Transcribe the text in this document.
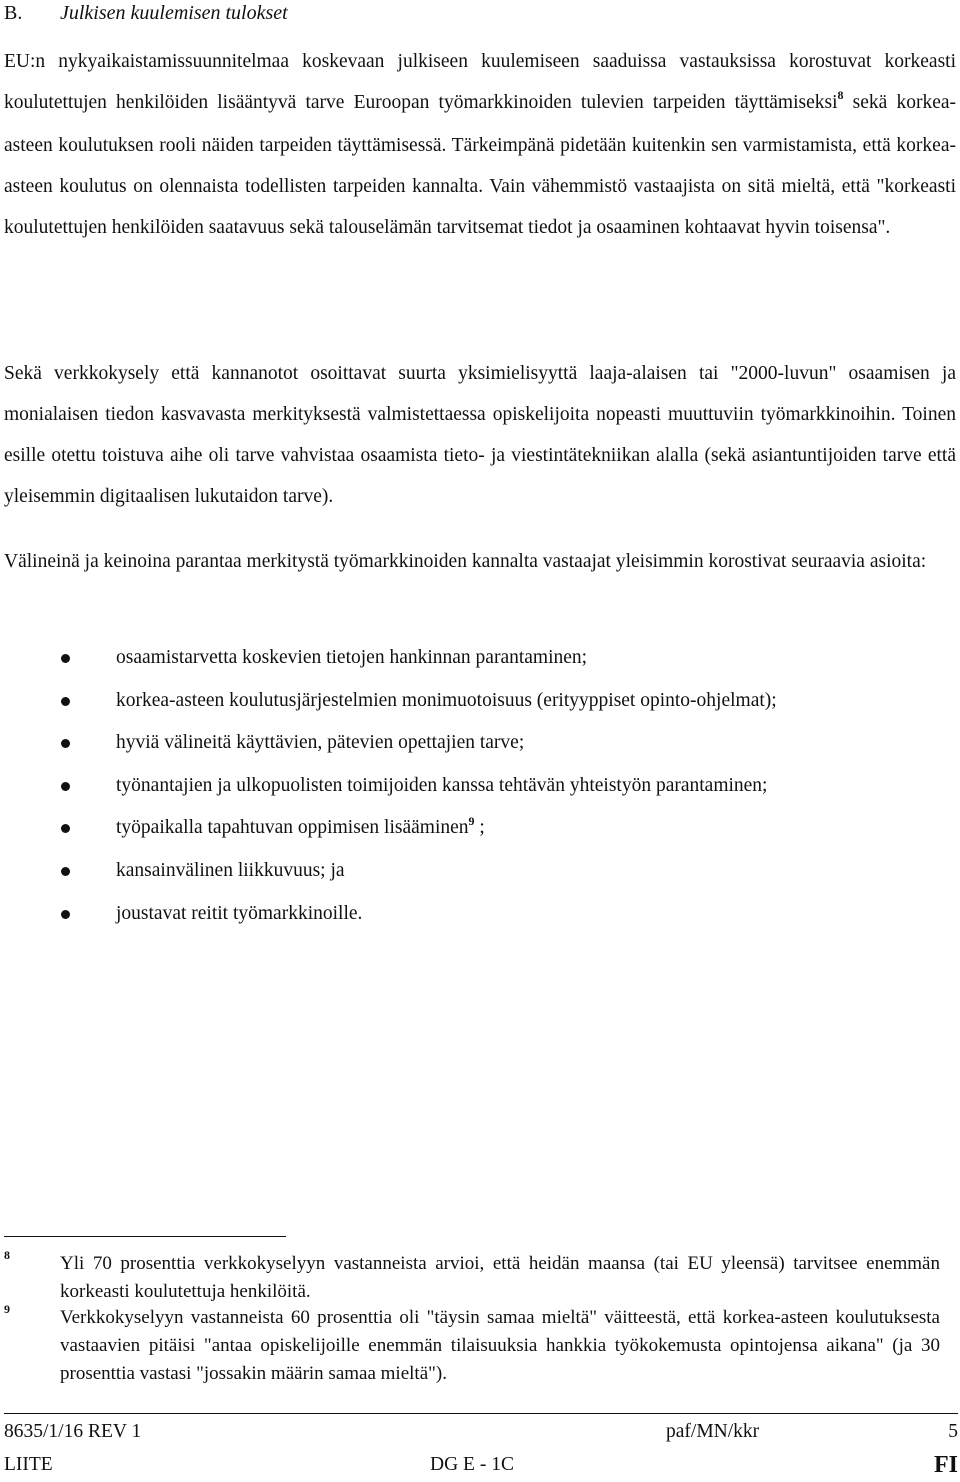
B. Julkisen kuulemisen tulokset

EU:n nykyaikaistamissuunnitelmaa koskevaan julkiseen kuulemiseen saaduissa vastauksissa korostuvat korkeasti koulutettujen henkilöiden lisääntyvä tarve Euroopan työmarkkinoiden tulevien tarpeiden täyttämiseksi$^8$ sekä korkea-asteen koulutuksen rooli näiden tarpeiden täyttämisessä. Tärkeimpänä pidetään kuitenkin sen varmistamista, että korkea-asteen koulutus on olennaista todellisten tarpeiden kannalta. Vain vähemmistö vastaajista on sitä mieltä, että "korkeasti koulutettujen henkilöiden saatavuus sekä talouselämän tarvitsemat tiedot ja osaaminen kohtaavat hyvin toisensa".

Sekä verkkokysely että kannanotot osoittavat suurta yksimielisyyttä laaja-alaisen tai "2000-luvun" osaamisen ja monialaisen tiedon kasvavasta merkityksestä valmistettaessa opiskelijoita nopeasti muuttuviin työmarkkinoihin. Toinen esille otettu toistuva aihe oli tarve vahvistaa osaamista tieto- ja viestintätekniikan alalla (sekä asiantuntijoiden tarve että yleisemmin digitaalisen lukutaidon tarve).

Välineinä ja keinoina parantaa merkitystä työmarkkinoiden kannalta vastaajat yleisimmin korostivat seuraavia asioita:

osaamistarvetta koskevien tietojen hankinnan parantaminen;
korkea-asteen koulutusjärjestelmien monimuotoisuus (erityyppiset opinto-ohjelmat);
hyviä välineitä käyttävien, pätevien opettajien tarve;
työnantajien ja ulkopuolisten toimijoiden kanssa tehtävän yhteistyön parantaminen;
työpaikalla tapahtuvan oppimisen lisääminen$^9$ ;
kansainvälinen liikkuvuus; ja
joustavat reitit työmarkkinoille.
8	Yli 70 prosenttia verkkokyselyyn vastanneista arvioi, että heidän maansa (tai EU yleensä) tarvitsee enemmän korkeasti koulutettuja henkilöitä.
9	Verkkokyselyyn vastanneista 60 prosenttia oli "täysin samaa mieltä" väitteestä, että korkea-asteen koulutuksesta vastaavien pitäisi "antaa opiskelijoille enemmän tilaisuuksia hankkia työkokemusta opintojensa aikana" (ja 30 prosenttia vastasi "jossakin määrin samaa mieltä").
8635/1/16 REV 1	paf/MN/kkr	5
LIITE	DG E - 1C	FI
